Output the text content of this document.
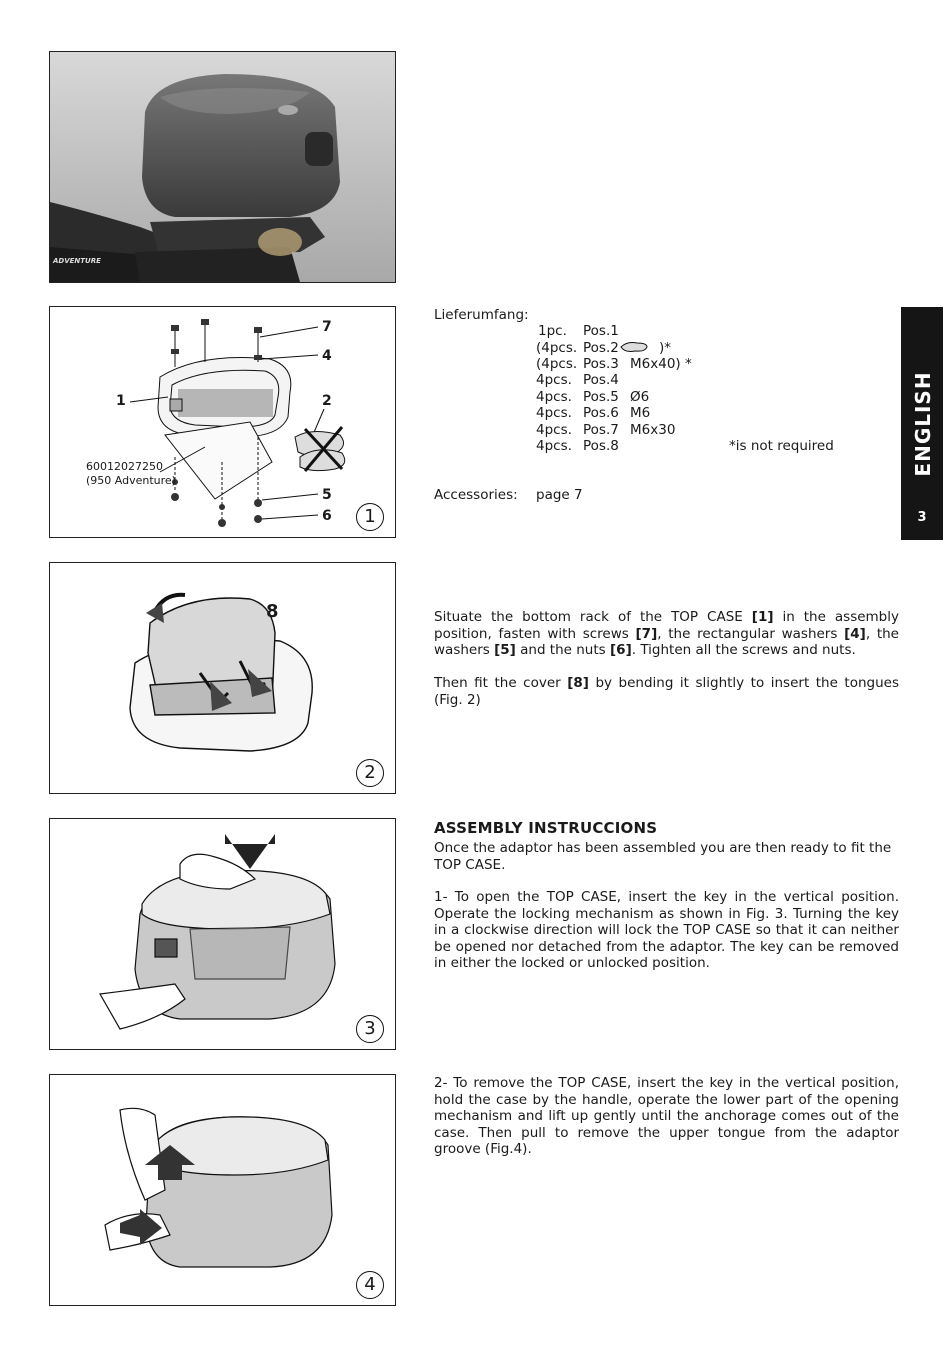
ADVENTURE
7
4
1	2
5
6
60012027250
(950 Adventure)
1
8
2
3
4
Lieferumfang:
1pc. Pos.1
(4pcs. Pos.2	)*
(4pcs. Pos.3 M6x40) *
4pcs. Pos.4
4pcs. Pos.5 Ø6
4pcs. Pos.6 M6
4pcs. Pos.7 M6x30
4pcs. Pos.8	*is not required
Accessories: page 7
Situate the bottom rack of the TOP CASE [1] in the assembly position, fasten with screws [7], the rectangular washers [4], the washers [5] and the nuts [6]. Tighten all the screws and nuts.
Then fit the cover [8] by bending it slightly to insert the tongues (Fig. 2)
ASSEMBLY INSTRUCCIONS
Once the adaptor has been assembled you are then ready to fit the TOP CASE.
1- To open the TOP CASE, insert the key in the vertical position. Operate the locking mechanism as shown in Fig. 3. Turning the key in a clockwise direction will lock the TOP CASE so that it can neither be opened nor detached from the adaptor. The key can be removed in either the locked or unlocked position.
2- To remove the TOP CASE, insert the key in the vertical position, hold the case by the handle, operate the lower part of the opening mechanism and lift up gently until the anchorage comes out of the case. Then pull to remove the upper tongue from the adaptor groove (Fig.4).
ENGLISH
3
